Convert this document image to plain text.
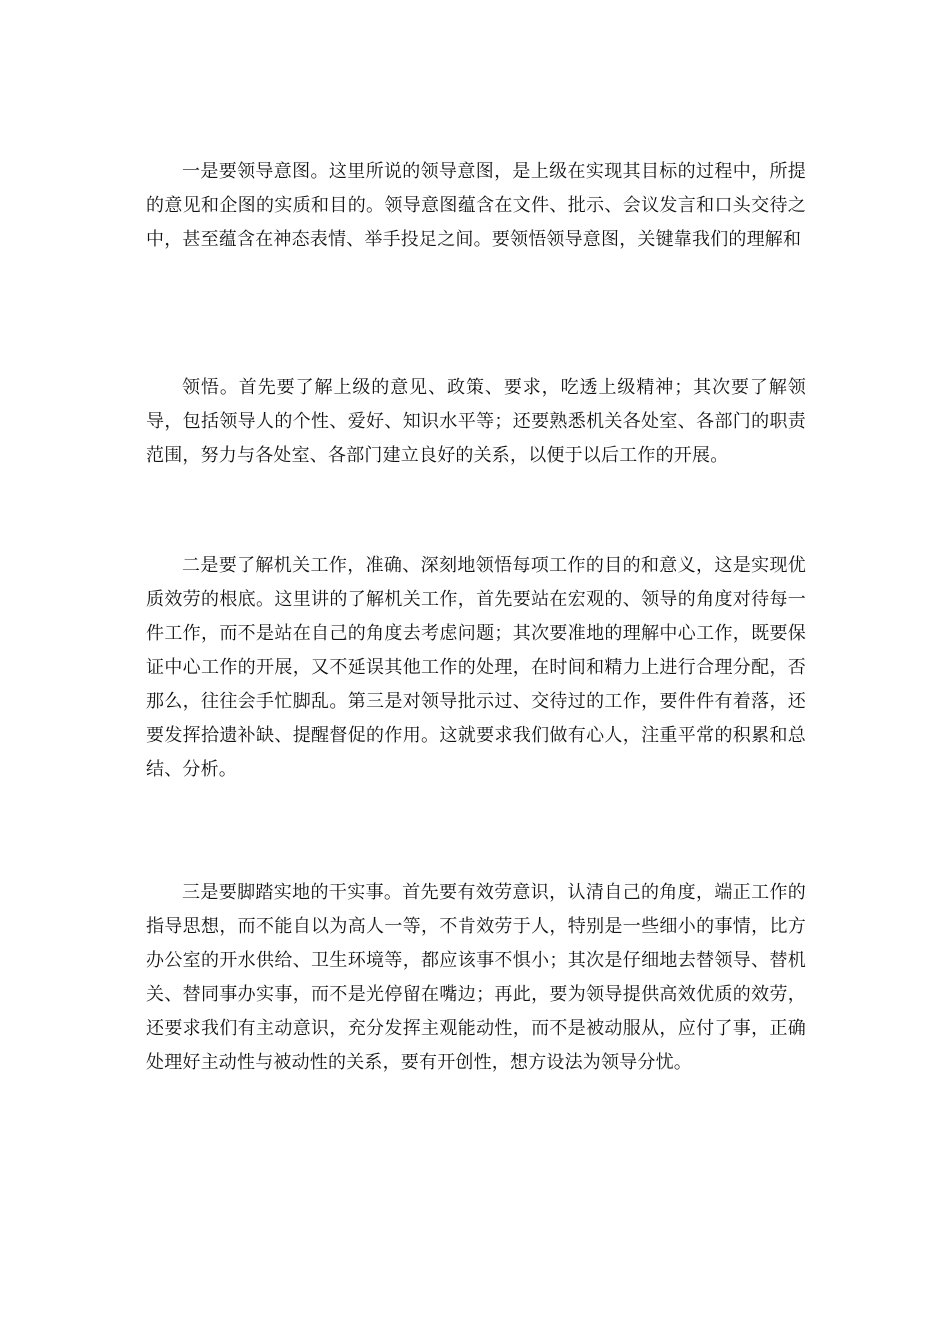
一是要领导意图。这里所说的领导意图，是上级在实现其目标的过程中，所提的意见和企图的实质和目的。领导意图蕴含在文件、批示、会议发言和口头交待之中，甚至蕴含在神态表情、举手投足之间。要领悟领导意图，关键靠我们的理解和

领悟。首先要了解上级的意见、政策、要求，吃透上级精神；其次要了解领导，包括领导人的个性、爱好、知识水平等；还要熟悉机关各处室、各部门的职责范围，努力与各处室、各部门建立良好的关系，以便于以后工作的开展。

二是要了解机关工作，准确、深刻地领悟每项工作的目的和意义，这是实现优质效劳的根底。这里讲的了解机关工作，首先要站在宏观的、领导的角度对待每一件工作，而不是站在自己的角度去考虑问题；其次要准地的理解中心工作，既要保证中心工作的开展，又不延误其他工作的处理，在时间和精力上进行合理分配，否那么，往往会手忙脚乱。第三是对领导批示过、交待过的工作，要件件有着落，还要发挥拾遗补缺、提醒督促的作用。这就要求我们做有心人，注重平常的积累和总结、分析。

三是要脚踏实地的干实事。首先要有效劳意识，认清自己的角度，端正工作的指导思想，而不能自以为高人一等，不肯效劳于人，特别是一些细小的事情，比方办公室的开水供给、卫生环境等，都应该事不惧小；其次是仔细地去替领导、替机关、替同事办实事，而不是光停留在嘴边；再此，要为领导提供高效优质的效劳，还要求我们有主动意识，充分发挥主观能动性，而不是被动服从，应付了事，正确处理好主动性与被动性的关系，要有开创性，想方设法为领导分忧。
